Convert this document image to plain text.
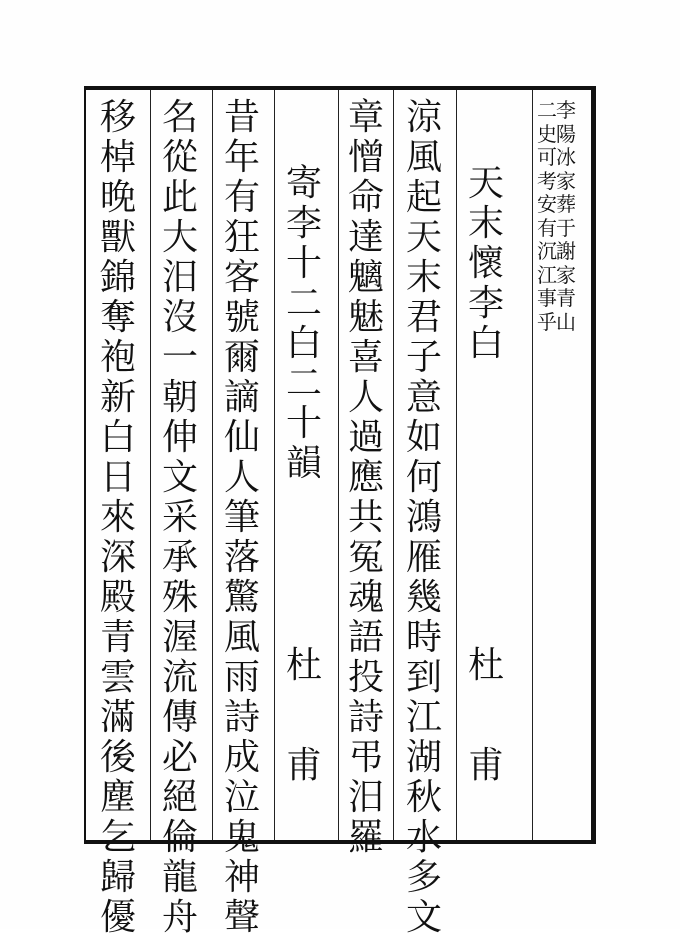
李
陽
冰
家
葬
于
謝
家
青
山
二
史
可
考
安
有
沉
江
事
乎
天
末
懷
李
白
杜
甫
涼
風
起
天
末
君
子
意
如
何
鴻
雁
幾
時
到
江
湖
秋
水
多
文
章
憎
命
達
魑
魅
喜
人
過
應
共
冤
魂
語
投
詩
弔
汨
羅
寄
李
十
二
白
二
十
韻
杜
甫
昔
年
有
狂
客
號
爾
謫
仙
人
筆
落
驚
風
雨
詩
成
泣
鬼
神
聲
名
從
此
大
汨
沒
一
朝
伸
文
采
承
殊
渥
流
傳
必
絕
倫
龍
舟
移
棹
晚
獸
錦
奪
袍
新
白
日
來
深
殿
青
雲
滿
後
塵
乞
歸
優
